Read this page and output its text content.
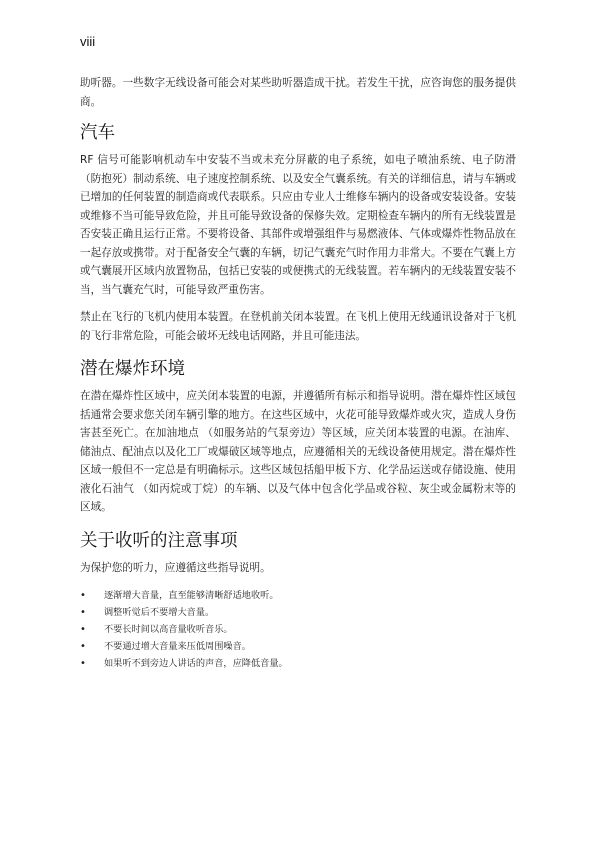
viii

助听器。一些数字无线设备可能会对某些助听器造成干扰。若发生干扰，应咨询您的服务提供商。

汽车

RF 信号可能影响机动车中安装不当或未充分屏蔽的电子系统，如电子喷油系统、电子防滑 （防抱死）制动系统、电子速度控制系统、以及安全气囊系统。有关的详细信息，请与车辆或已增加的任何装置的制造商或代表联系。只应由专业人士维修车辆内的设备或安装设备。安装或维修不当可能导致危险，并且可能导致设备的保修失效。定期检查车辆内的所有无线装置是否安装正确且运行正常。不要将设备、其部件或增强组件与易燃液体、气体或爆炸性物品放在一起存放或携带。对于配备安全气囊的车辆，切记气囊充气时作用力非常大。不要在气囊上方或气囊展开区域内放置物品，包括已安装的或便携式的无线装置。若车辆内的无线装置安装不当，当气囊充气时，可能导致严重伤害。

禁止在飞行的飞机内使用本装置。在登机前关闭本装置。在飞机上使用无线通讯设备对于飞机的飞行非常危险，可能会破坏无线电话网路，并且可能违法。

潜在爆炸环境

在潜在爆炸性区域中，应关闭本装置的电源，并遵循所有标示和指导说明。潜在爆炸性区域包括通常会要求您关闭车辆引擎的地方。在这些区域中，火花可能导致爆炸或火灾，造成人身伤害甚至死亡。在加油地点 （如服务站的气泵旁边）等区域，应关闭本装置的电源。在油库、储油点、配油点以及化工厂或爆破区域等地点，应遵循相关的无线设备使用规定。潜在爆炸性区域一般但不一定总是有明确标示。这些区域包括船甲板下方、化学品运送或存储设施、使用液化石油气 （如丙烷或丁烷）的车辆、以及气体中包含化学品或谷粒、灰尘或金属粉末等的区域。

关于收听的注意事项

为保护您的听力，应遵循这些指导说明。

• 逐渐增大音量，直至能够清晰舒适地收听。
• 调整听觉后不要增大音量。
• 不要长时间以高音量收听音乐。
• 不要通过增大音量来压低周围噪音。
• 如果听不到旁边人讲话的声音，应降低音量。
